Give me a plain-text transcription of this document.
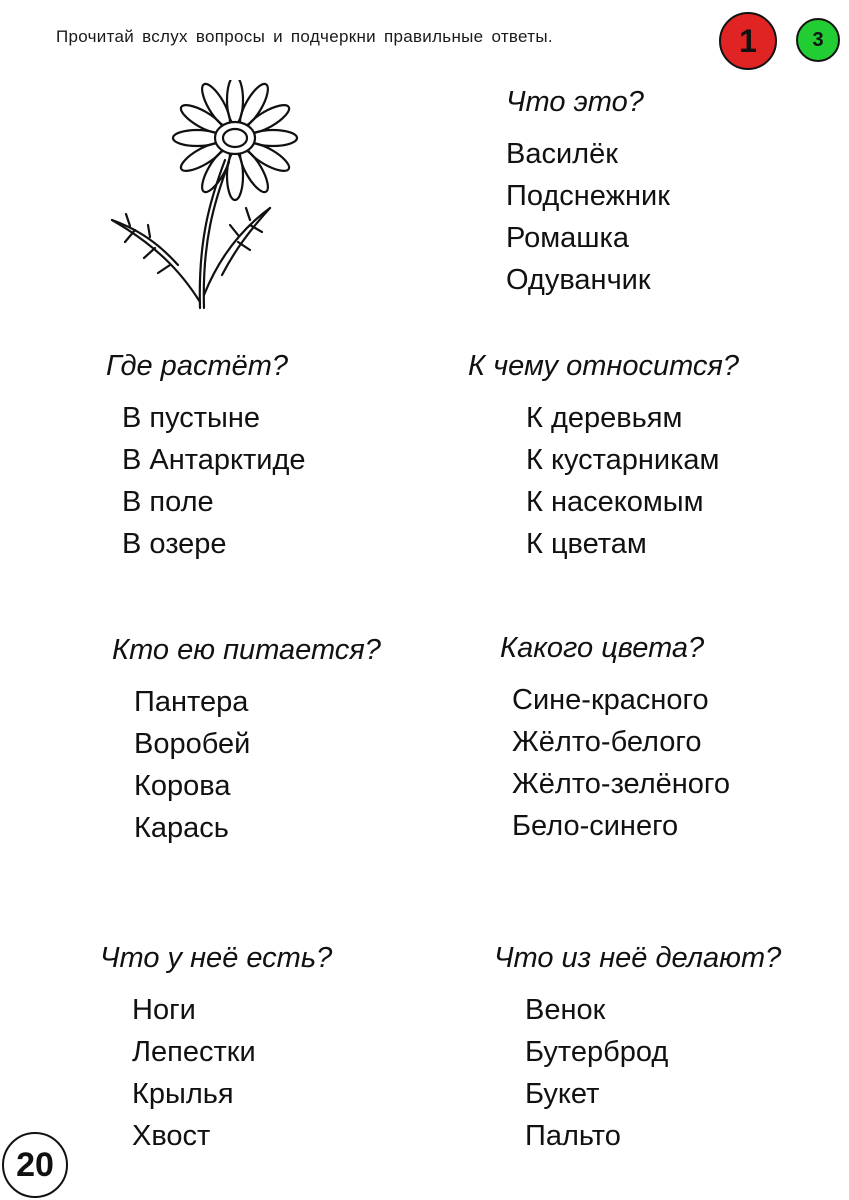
Прочитай вслух вопросы и подчеркни правильные ответы.	1	3
Что это?
Василёк
Подснежник
Ромашка
Одуванчик
Где растёт?
В пустыне
В Антарктиде
В поле
В озере
К чему относится?
К деревьям
К кустарникам
К насекомым
К цветам
Кто ею питается?
Пантера
Воробей
Корова
Карась
Какого цвета?
Сине-красного
Жёлто-белого
Жёлто-зелёного
Бело-синего
Что у неё есть?
Ноги
Лепестки
Крылья
Хвост
Что из неё делают?
Венок
Бутерброд
Букет
Пальто
20
